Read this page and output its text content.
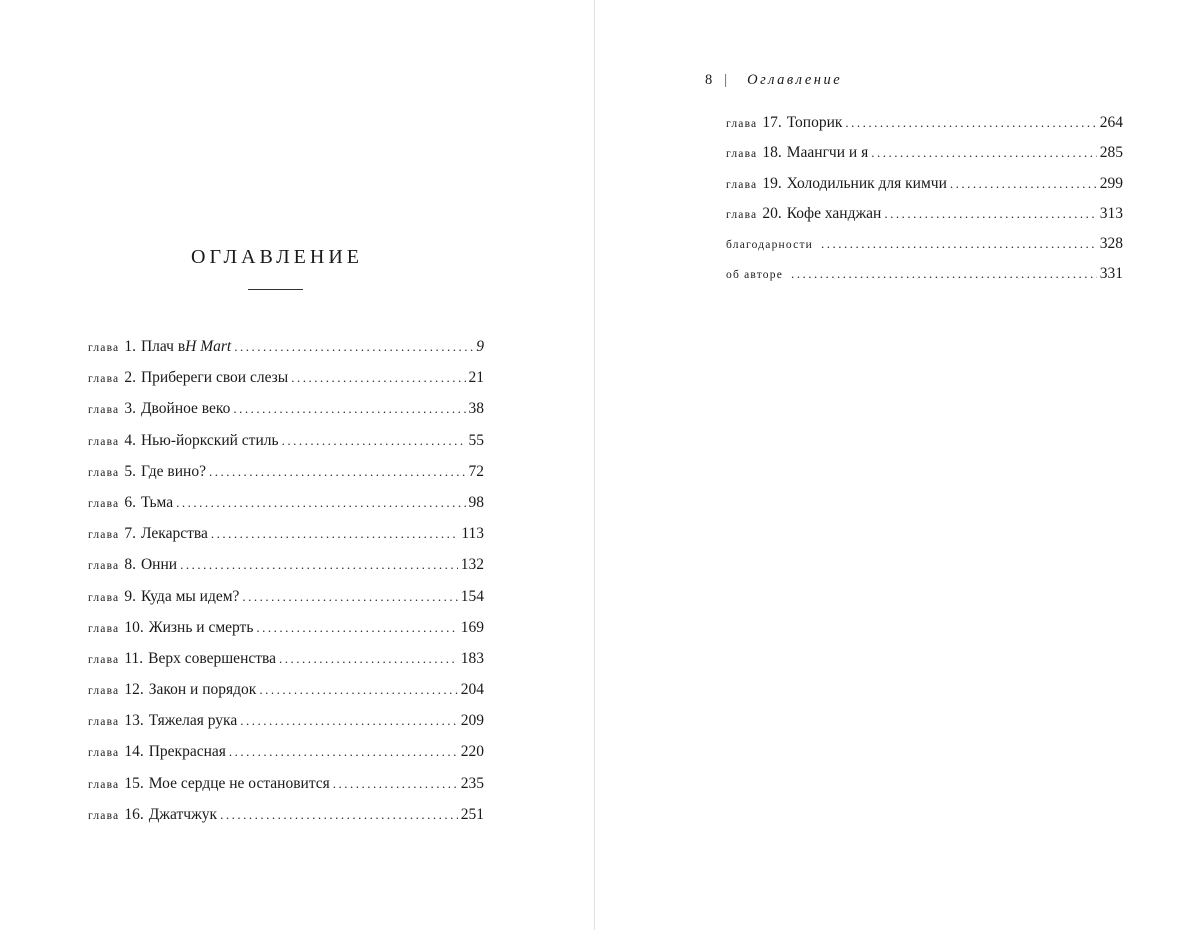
ОГЛАВЛЕНИЕ
глава 1. Плач в H Mart .....	9
глава 2. Прибереги свои слезы .....	21
глава 3. Двойное веко .....	38
глава 4. Нью-йоркский стиль .....	55
глава 5. Где вино? .....	72
глава 6. Тьма .....	98
глава 7. Лекарства .....	113
глава 8. Онни .....	132
глава 9. Куда мы идем? .....	154
глава 10. Жизнь и смерть .....	169
глава 11. Верх совершенства .....	183
глава 12. Закон и порядок .....	204
глава 13. Тяжелая рука .....	209
глава 14. Прекрасная .....	220
глава 15. Мое сердце не остановится .....	235
глава 16. Джатчжук .....	251
8 | Оглавление
глава 17. Топорик .....	264
глава 18. Маангчи и я .....	285
глава 19. Холодильник для кимчи .....	299
глава 20. Кофе ханджан .....	313
благодарности .....	328
об авторе .....	331
